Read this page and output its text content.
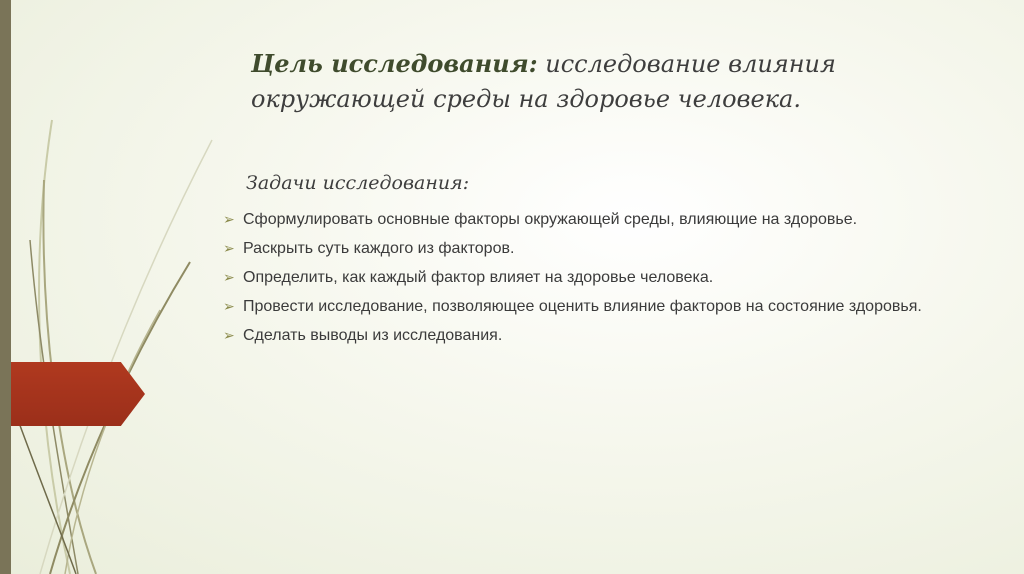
Цель исследования: исследование влияния окружающей среды на здоровье человека.
Задачи исследования:
➢ Сформулировать основные факторы окружающей среды, влияющие на здоровье.
➢ Раскрыть суть каждого из факторов.
➢ Определить, как каждый фактор влияет на здоровье человека.
➢ Провести исследование, позволяющее оценить влияние факторов на состояние здоровья.
➢ Сделать выводы из исследования.
